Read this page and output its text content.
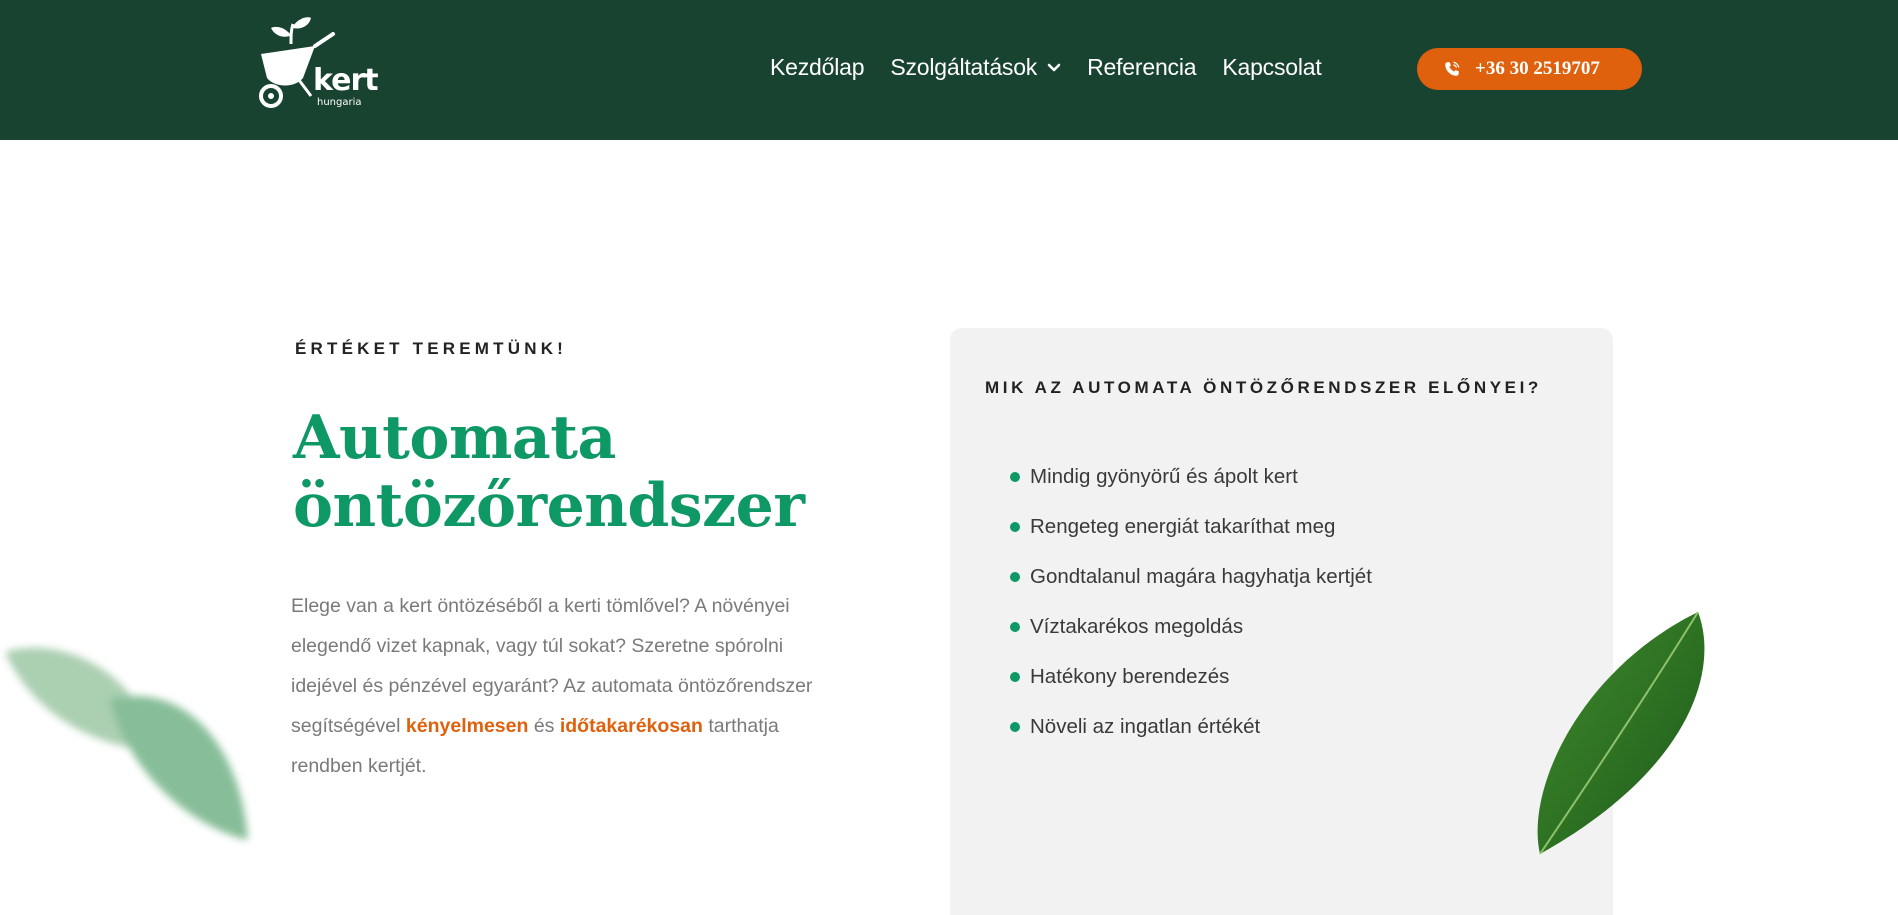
kert
hungaria
Kezdőlap Szolgáltatások Referencia Kapcsolat	+36 30 2519707
ÉRTÉKET TEREMTÜNK!
Automata
öntözőrendszer

Elege van a kert öntözéséből a kerti tömlővel? A növényei elegendő vizet kapnak, vagy túl sokat? Szeretne spórolni idejével és pénzével egyaránt? Az automata öntözőrendszer segítségével kényelmesen és időtakarékosan tarthatja rendben kertjét.

MIK AZ AUTOMATA ÖNTÖZŐRENDSZER ELŐNYEI?
Mindig gyönyörű és ápolt kert
Rengeteg energiát takaríthat meg
Gondtalanul magára hagyhatja kertjét
Víztakarékos megoldás
Hatékony berendezés
Növeli az ingatlan értékét
